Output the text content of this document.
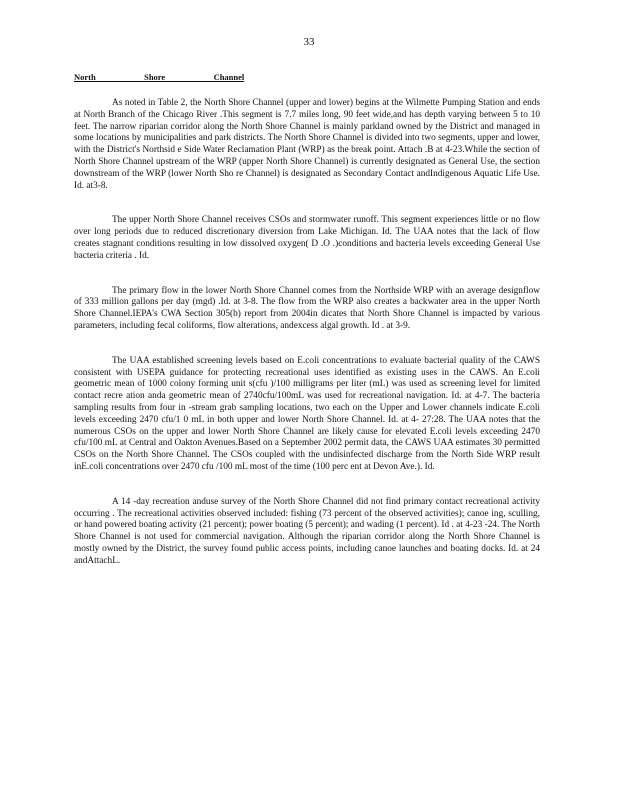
33
North   Shore   Channel

As noted in Table 2, the North Shore Channel (upper and lower) begins at the Wilmette Pumping Station and ends at North Branch of the Chicago River .This segment is 7.7 miles long, 90 feet wide,and has depth varying between 5 to 10 feet. The narrow riparian corridor along the North Shore Channel is mainly parkland owned by the District and managed in some locations by municipalities and park districts. The North Shore Channel is divided into two segments, upper and lower, with the District's Northsid e Side Water Reclamation Plant (WRP) as the break point. Attach .B at 4-23.While the section of North Shore Channel upstream of the WRP (upper North Shore Channel) is currently designated as General Use, the section downstream of the WRP (lower North Sho re Channel) is designated as Secondary Contact andIndigenous Aquatic Life Use. Id. at3-8.

The upper North Shore Channel receives CSOs and stormwater runoff. This segment experiences little or no flow over long periods due to reduced discretionary diversion from Lake Michigan. Id. The UAA notes that the lack of flow creates stagnant conditions resulting in low dissolved oxygen( D .O .)conditions and bacteria levels exceeding General Use bacteria criteria . Id.

The primary flow in the lower North Shore Channel comes from the Northside WRP with an average designflow of 333 million gallons per day (mgd) .Id. at 3-8. The flow from the WRP also creates a backwater area in the upper North Shore Channel.IEPA's CWA Section 305(b) report from 2004in dicates that North Shore Channel is impacted by various parameters, including fecal coliforms, flow alterations, andexcess algal growth. Id . at 3-9.

The UAA established screening levels based on E.coli concentrations to evaluate bacterial quality of the CAWS consistent with USEPA guidance for protecting recreational uses identified as existing uses in the CAWS. An E.coli geometric mean of 1000 colony forming unit s(cfu )/100 milligrams per liter (mL) was used as screening level for limited contact recre ation anda geometric mean of 2740cfu/100mL was used for recreational navigation. Id. at 4-7. The bacteria sampling results from four in -stream grab sampling locations, two each on the Upper and Lower channels indicate E.coli levels exceeding 2470 cfu/1 0 mL in both upper and lower North Shore Channel. Id. at 4- 27:28. The UAA notes that the numerous CSOs on the upper and lower North Shore Channel are likely cause for elevated E.coli levels exceeding 2470 cfu/100 mL at Central and Oakton Avenues.Based on a September 2002 permit data, the CAWS UAA estimates 30 permitted CSOs on the North Shore Channel. The CSOs coupled with the undisinfected discharge from the North Side WRP result inE.coli concentrations over 2470 cfu /100 mL most of the time (100 perc ent at Devon Ave.). Id.

A 14 -day recreation anduse survey of the North Shore Channel did not find primary contact recreational activity occurring . The recreational activities observed included: fishing (73 percent of the observed activities); canoe ing, sculling, or hand powered boating activity (21 percent); power boating (5 percent); and wading (1 percent). Id . at 4-23 -24. The North Shore Channel is not used for commercial navigation. Although the riparian corridor along the North Shore Channel is mostly owned by the District, the survey found public access points, including canoe launches and boating docks. Id. at 24 andAttachL.
